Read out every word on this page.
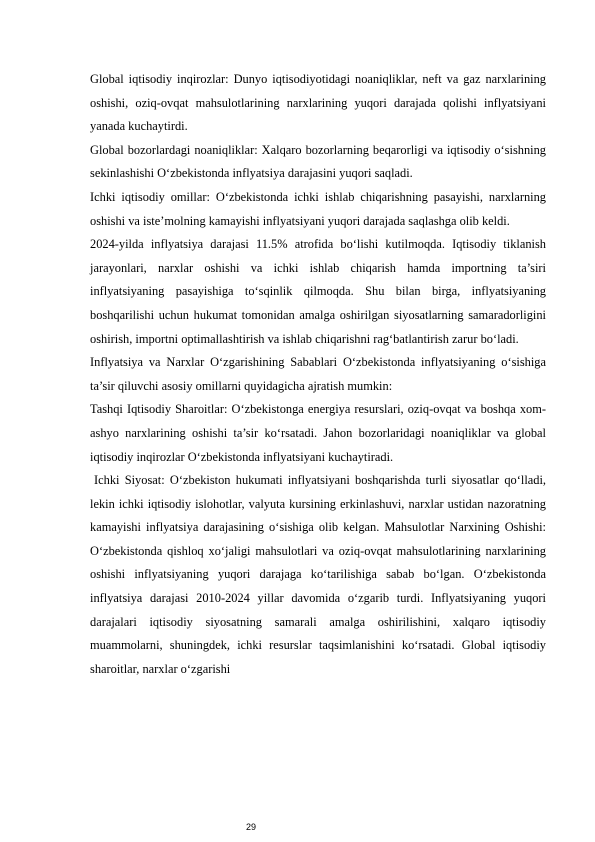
Global iqtisodiy inqirozlar: Dunyo iqtisodiyotidagi noaniqliklar, neft va gaz narxlarining oshishi, oziq-ovqat mahsulotlarining narxlarining yuqori darajada qolishi inflyatsiyani yanada kuchaytirdi.

Global bozorlardagi noaniqliklar: Xalqaro bozorlarning beqarorligi va iqtisodiy o‘sishning sekinlashishi O‘zbekistonda inflyatsiya darajasini yuqori saqladi.

Ichki iqtisodiy omillar: O‘zbekistonda ichki ishlab chiqarishning pasayishi, narxlarning oshishi va iste’molning kamayishi inflyatsiyani yuqori darajada saqlashga olib keldi.

2024-yilda inflyatsiya darajasi 11.5% atrofida bo‘lishi kutilmoqda. Iqtisodiy tiklanish jarayonlari, narxlar oshishi va ichki ishlab chiqarish hamda importning ta’siri inflyatsiyaning pasayishiga to‘sqinlik qilmoqda. Shu bilan birga, inflyatsiyaning boshqarilishi uchun hukumat tomonidan amalga oshirilgan siyosatlarning samaradorligini oshirish, importni optimallashtirish va ishlab chiqarishni rag‘batlantirish zarur bo‘ladi.

Inflyatsiya va Narxlar O‘zgarishining Sabablari O‘zbekistonda inflyatsiyaning o‘sishiga ta’sir qiluvchi asosiy omillarni quyidagicha ajratish mumkin:

Tashqi Iqtisodiy Sharoitlar: O‘zbekistonga energiya resurslari, oziq-ovqat va boshqa xom-ashyo narxlarining oshishi ta’sir ko‘rsatadi. Jahon bozorlaridagi noaniqliklar va global iqtisodiy inqirozlar O‘zbekistonda inflyatsiyani kuchaytiradi.

Ichki Siyosat: O‘zbekiston hukumati inflyatsiyani boshqarishda turli siyosatlar qo‘lladi, lekin ichki iqtisodiy islohotlar, valyuta kursining erkinlashuvi, narxlar ustidan nazoratning kamayishi inflyatsiya darajasining o‘sishiga olib kelgan. Mahsulotlar Narxining Oshishi: O‘zbekistonda qishloq xo‘jaligi mahsulotlari va oziq-ovqat mahsulotlarining narxlarining oshishi inflyatsiyaning yuqori darajaga ko‘tarilishiga sabab bo‘lgan. O‘zbekistonda inflyatsiya darajasi 2010-2024 yillar davomida o‘zgarib turdi. Inflyatsiyaning yuqori darajalari iqtisodiy siyosatning samarali amalga oshirilishini, xalqaro iqtisodiy muammolarni, shuningdek, ichki resurslar taqsimlanishini ko‘rsatadi. Global iqtisodiy sharoitlar, narxlar o‘zgarishi

29
